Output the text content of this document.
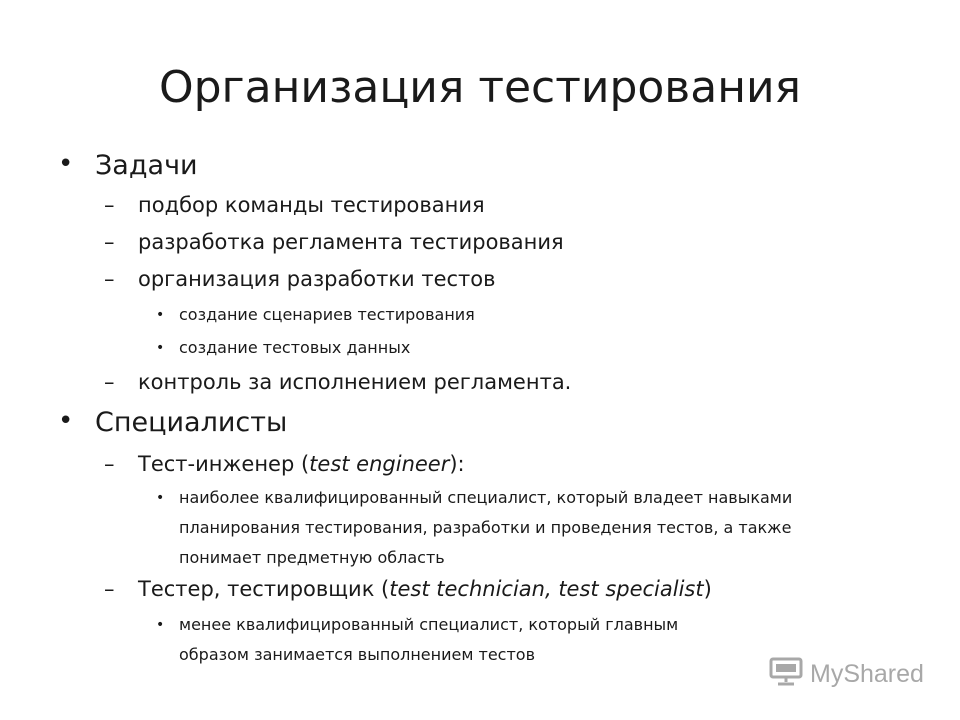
Организация тестирования
• Задачи
– подбор команды тестирования
– разработка регламента тестирования
– организация разработки тестов
• создание сценариев тестирования
• создание тестовых данных
– контроль за исполнением регламента.
• Специалисты
– Тест-инженер (test engineer):
• наиболее квалифицированный специалист, который владеет навыками планирования тестирования, разработки и проведения тестов, а также понимает предметную область
– Тестер, тестировщик (test technician, test specialist)
• менее квалифицированный специалист, который главным образом занимается выполнением тестов
MyShared
